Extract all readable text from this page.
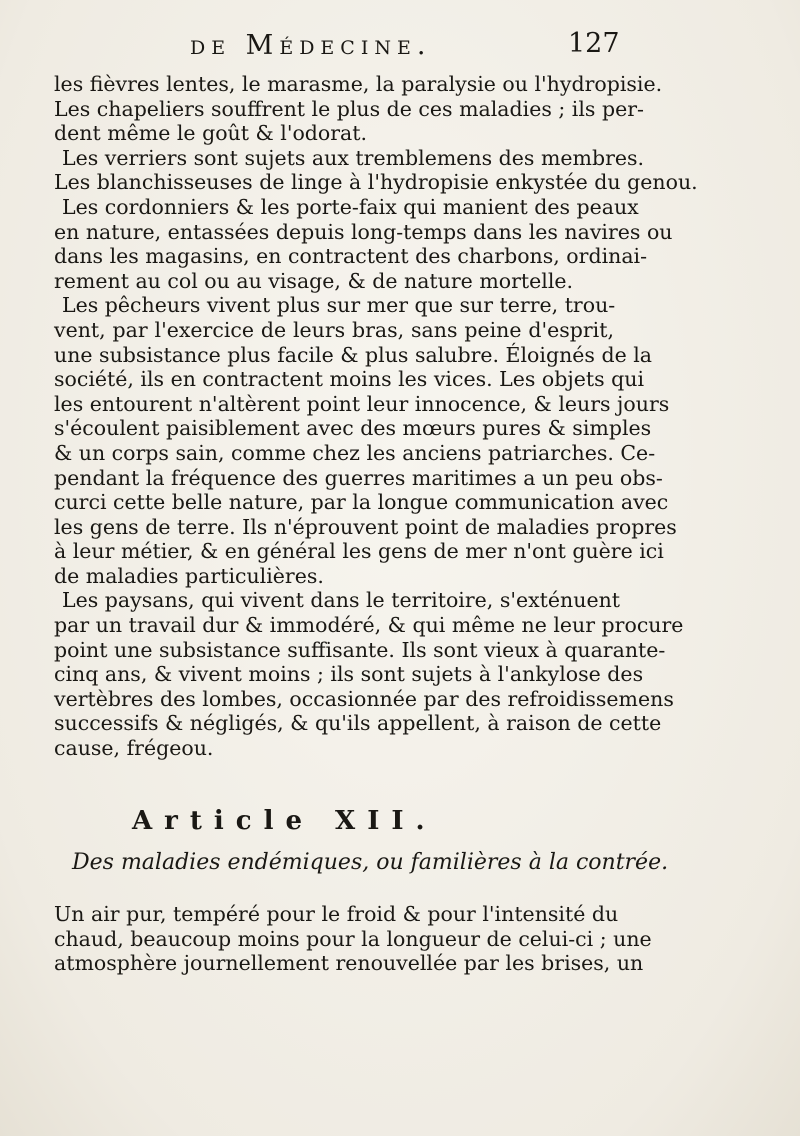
de Médecine.	127

les fièvres lentes, le marasme, la paralysie ou l'hydropisie.
Les chapeliers souffrent le plus de ces maladies ; ils per-
dent même le goût & l'odorat.

Les verriers sont sujets aux tremblemens des membres.
Les blanchisseuses de linge à l'hydropisie enkystée du genou.

Les cordonniers & les porte-faix qui manient des peaux
en nature, entassées depuis long-temps dans les navires ou
dans les magasins, en contractent des charbons, ordinai-
rement au col ou au visage, & de nature mortelle.

Les pêcheurs vivent plus sur mer que sur terre, trou-
vent, par l'exercice de leurs bras, sans peine d'esprit,
une subsistance plus facile & plus salubre. Éloignés de la
société, ils en contractent moins les vices. Les objets qui
les entourent n'altèrent point leur innocence, & leurs jours
s'écoulent paisiblement avec des mœurs pures & simples
& un corps sain, comme chez les anciens patriarches. Ce-
pendant la fréquence des guerres maritimes a un peu obs-
curci cette belle nature, par la longue communication avec
les gens de terre. Ils n'éprouvent point de maladies propres
à leur métier, & en général les gens de mer n'ont guère ici
de maladies particulières.

Les paysans, qui vivent dans le territoire, s'exténuent
par un travail dur & immodéré, & qui même ne leur procure
point une subsistance suffisante. Ils sont vieux à quarante-
cinq ans, & vivent moins ; ils sont sujets à l'ankylose des
vertèbres des lombes, occasionnée par des refroidissemens
successifs & négligés, & qu'ils appellent, à raison de cette
cause, frégeou.

Article XII.
Des maladies endémiques, ou familières à la contrée.
Un air pur, tempéré pour le froid & pour l'intensité du
chaud, beaucoup moins pour la longueur de celui-ci ; une
atmosphère journellement renouvellée par les brises, un
